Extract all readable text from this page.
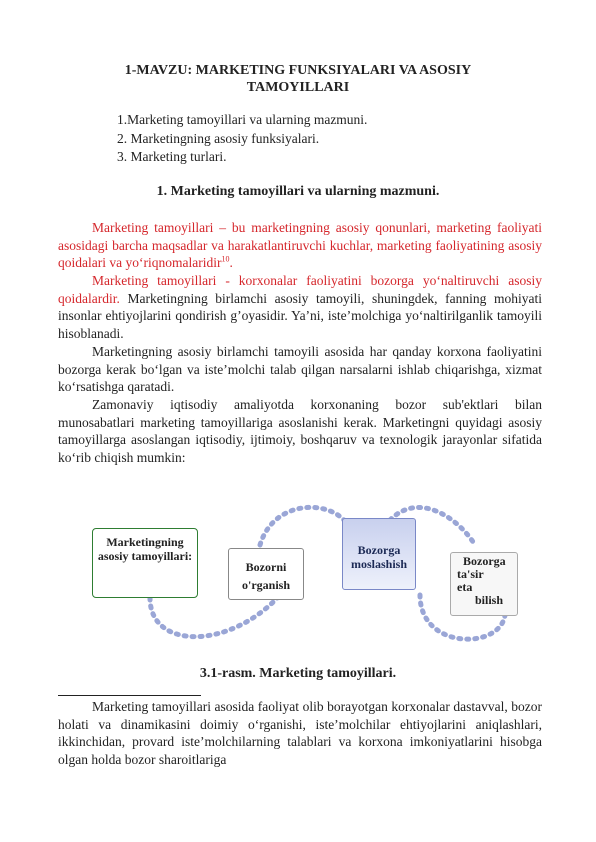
1-MAVZU: MARKETING FUNKSIYALARI VA ASOSIY
TAMOYILLARI
1.Marketing tamoyillari va ularning mazmuni.
2. Marketingning asosiy funksiyalari.
3. Marketing turlari.
1. Marketing tamoyillari va ularning mazmuni.

Marketing tamoyillari – bu marketingning asosiy qonunlari, marketing faoliyati asosidagi barcha maqsadlar va harakatlantiruvchi kuchlar, marketing faoliyatining asosiy qoidalari va yo‘riqnomalaridir$^{10}$.

Marketing tamoyillari - korxonalar faoliyatini bozorga yo‘naltiruvchi asosiy qoidalardir. Marketingning birlamchi asosiy tamoyili, shuningdek, fanning mohiyati insonlar ehtiyojlarini qondirish g’oyasidir. Ya’ni, iste’molchiga yo‘naltirilganlik tamoyili hisoblanadi.

Marketingning asosiy birlamchi tamoyili asosida har qanday korxona faoliyatini bozorga kerak bo‘lgan va iste’molchi talab qilgan narsalarni ishlab chiqarishga, xizmat ko‘rsatishga qaratadi.

Zamonaviy iqtisodiy amaliyotda korxonaning bozor sub'ektlari bilan munosabatlari marketing tamoyillariga asoslanishi kerak. Marketingni quyidagi asosiy tamoyillarga asoslangan iqtisodiy, ijtimoiy, boshqaruv va texnologik jarayonlar sifatida ko‘rib chiqish mumkin:

Marketingning asosiy tamoyillari:
Bozorni o'rganish
Bozorga moslashish	Bozorga
ta'sir
eta
bilish
3.1-rasm. Marketing tamoyillari.

Marketing tamoyillari asosida faoliyat olib borayotgan korxonalar dastavval, bozor holati va dinamikasini doimiy o‘rganishi, iste’molchilar ehtiyojlarini aniqlashlari, ikkinchidan, provard iste’molchilarning talablari va korxona imkoniyatlarini hisobga olgan holda bozor sharoitlariga
